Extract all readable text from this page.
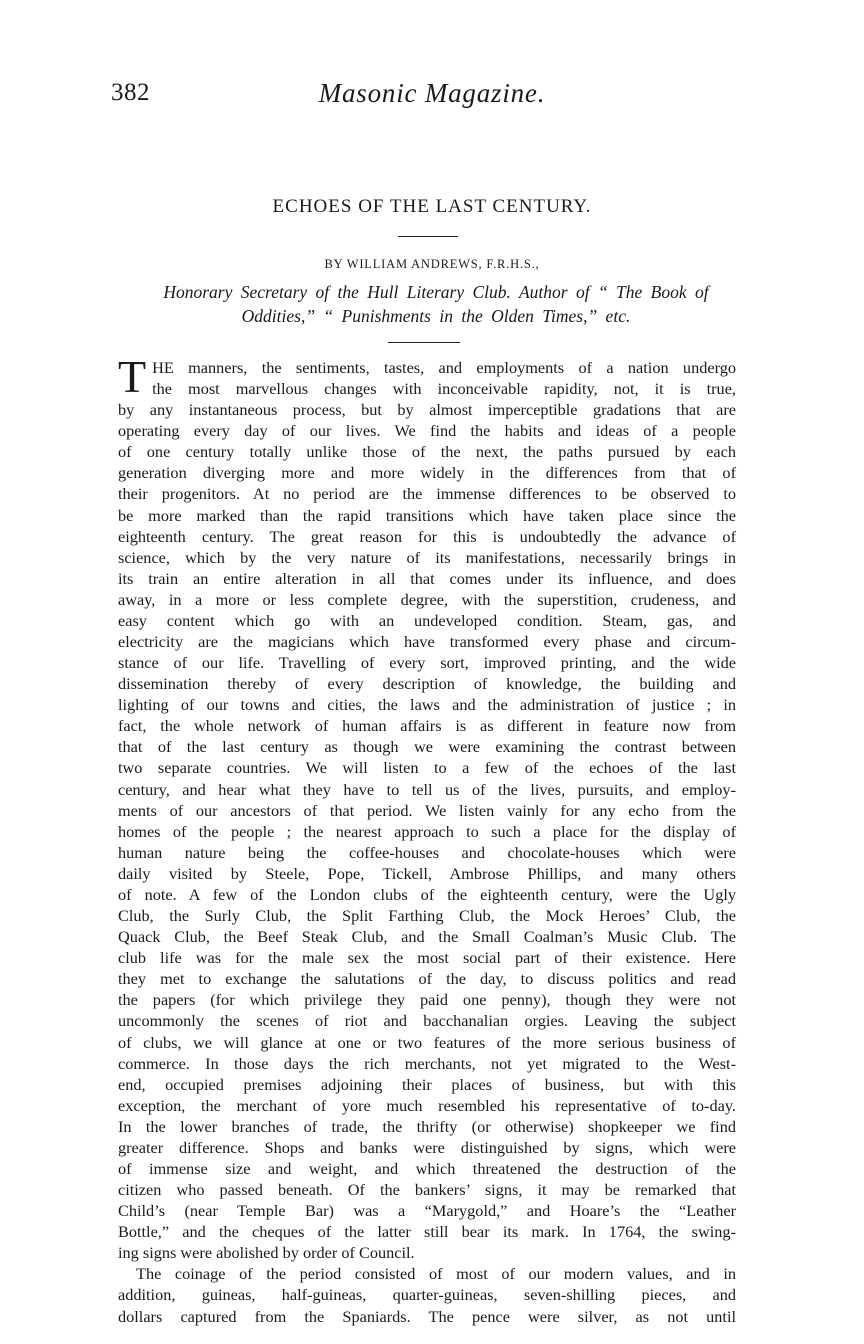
382	Masonic Magazine.
ECHOES OF THE LAST CENTURY.
BY WILLIAM ANDREWS, F.R.H.S.,
Honorary Secretary of the Hull Literary Club. Author of “ The Book of
Oddities,” “ Punishments in the Olden Times,” etc.
T HE manners, the sentiments, tastes, and employments of a nation undergo
the most marvellous changes with inconceivable rapidity, not, it is true,
by any instantaneous process, but by almost imperceptible gradations that are
operating every day of our lives. We find the habits and ideas of a people
of one century totally unlike those of the next, the paths pursued by each
generation diverging more and more widely in the differences from that of
their progenitors. At no period are the immense differences to be observed to
be more marked than the rapid transitions which have taken place since the
eighteenth century. The great reason for this is undoubtedly the advance of
science, which by the very nature of its manifestations, necessarily brings in
its train an entire alteration in all that comes under its influence, and does
away, in a more or less complete degree, with the superstition, crudeness, and
easy content which go with an undeveloped condition. Steam, gas, and
electricity are the magicians which have transformed every phase and circum-
stance of our life. Travelling of every sort, improved printing, and the wide
dissemination thereby of every description of knowledge, the building and
lighting of our towns and cities, the laws and the administration of justice ; in
fact, the whole network of human affairs is as different in feature now from
that of the last century as though we were examining the contrast between
two separate countries. We will listen to a few of the echoes of the last
century, and hear what they have to tell us of the lives, pursuits, and employ-
ments of our ancestors of that period. We listen vainly for any echo from the
homes of the people ; the nearest approach to such a place for the display of
human nature being the coffee-houses and chocolate-houses which were
daily visited by Steele, Pope, Tickell, Ambrose Phillips, and many others
of note. A few of the London clubs of the eighteenth century, were the Ugly
Club, the Surly Club, the Split Farthing Club, the Mock Heroes’ Club, the
Quack Club, the Beef Steak Club, and the Small Coalman’s Music Club. The
club life was for the male sex the most social part of their existence. Here
they met to exchange the salutations of the day, to discuss politics and read
the papers (for which privilege they paid one penny), though they were not
uncommonly the scenes of riot and bacchanalian orgies. Leaving the subject
of clubs, we will glance at one or two features of the more serious business of
commerce. In those days the rich merchants, not yet migrated to the West-
end, occupied premises adjoining their places of business, but with this
exception, the merchant of yore much resembled his representative of to-day.
In the lower branches of trade, the thrifty (or otherwise) shopkeeper we find
greater difference. Shops and banks were distinguished by signs, which were
of immense size and weight, and which threatened the destruction of the
citizen who passed beneath. Of the bankers’ signs, it may be remarked that
Child’s (near Temple Bar) was a “Marygold,” and Hoare’s the “Leather
Bottle,” and the cheques of the latter still bear its mark. In 1764, the swing-
ing signs were abolished by order of Council.
The coinage of the period consisted of most of our modern values, and in
addition, guineas, half-guineas, quarter-guineas, seven-shilling pieces, and
dollars captured from the Spaniards. The pence were silver, as not until
